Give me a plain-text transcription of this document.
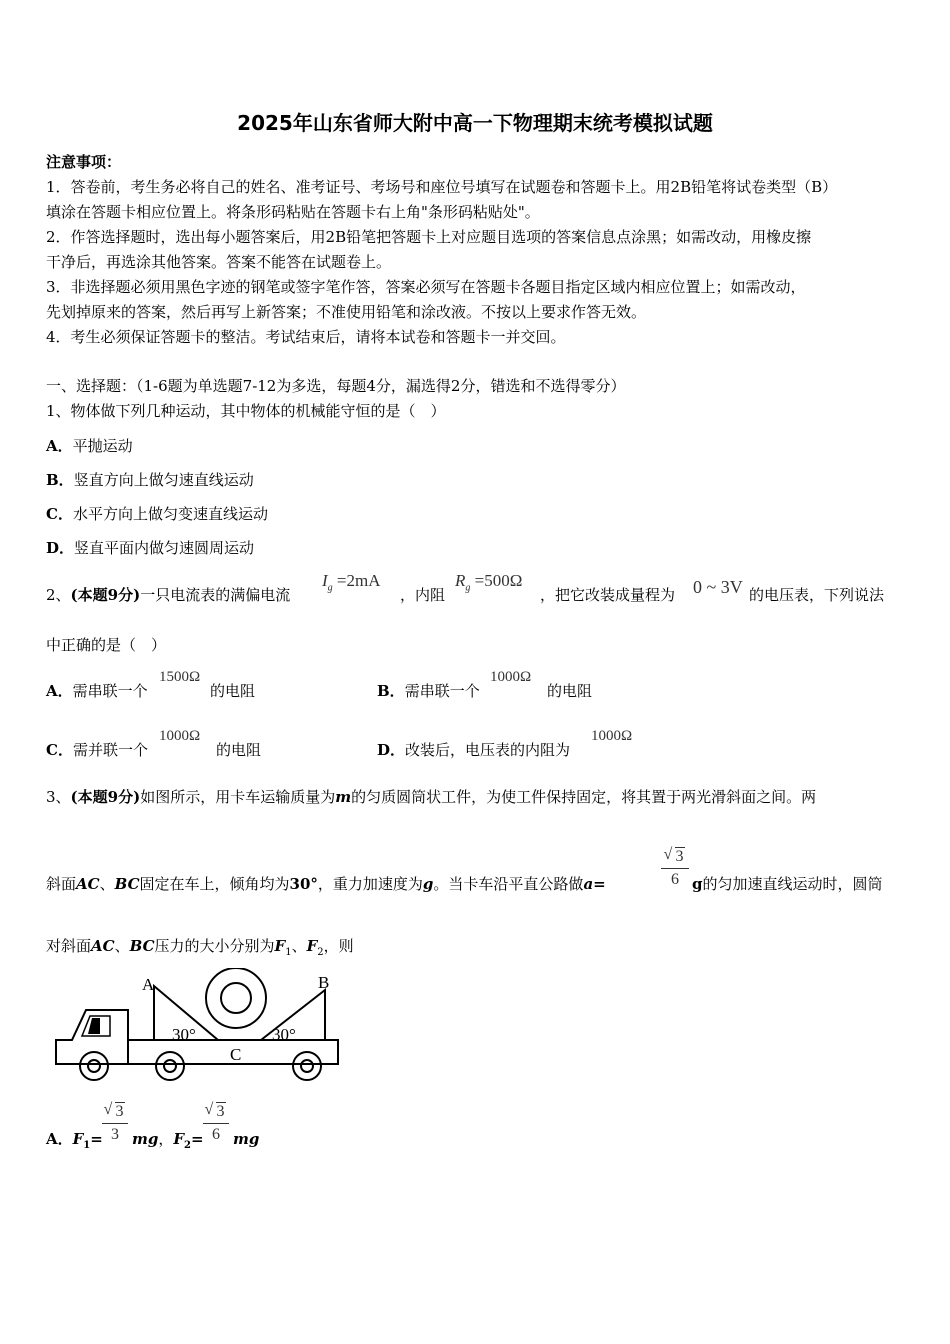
2025年山东省师大附中高一下物理期末统考模拟试题
注意事项：
1．答卷前，考生务必将自己的姓名、准考证号、考场号和座位号填写在试题卷和答题卡上。用2B铅笔将试卷类型（B）
填涂在答题卡相应位置上。将条形码粘贴在答题卡右上角"条形码粘贴处"。
2．作答选择题时，选出每小题答案后，用2B铅笔把答题卡上对应题目选项的答案信息点涂黑；如需改动，用橡皮擦
干净后，再选涂其他答案。答案不能答在试题卷上。
3．非选择题必须用黑色字迹的钢笔或签字笔作答，答案必须写在答题卡各题目指定区域内相应位置上；如需改动，
先划掉原来的答案，然后再写上新答案；不准使用铅笔和涂改液。不按以上要求作答无效。
4．考生必须保证答题卡的整洁。考试结束后，请将本试卷和答题卡一并交回。
一、选择题：（1-6题为单选题7-12为多选，每题4分，漏选得2分，错选和不选得零分）
1、物体做下列几种运动，其中物体的机械能守恒的是（　）
A．平抛运动
B．竖直方向上做匀速直线运动
C．水平方向上做匀变速直线运动
D．竖直平面内做匀速圆周运动
2、(本题9分)一只电流表的满偏电流
$I_g =2mA$
，内阻
$R_g =500\Omega$
，把它改装成量程为 0 ~ 3V 的电压表，下列说法
中正确的是（　）
A．需串联一个
1500Ω
的电阻	B．需串联一个
1000Ω
的电阻
C．需并联一个
1000Ω
的电阻	D．改装后，电压表的内阻为
1000Ω
3、(本题9分)如图所示，用卡车运输质量为m的匀质圆筒状工件，为使工件保持固定，将其置于两光滑斜面之间。两
斜面AC、BC固定在车上，倾角均为30°，重力加速度为g。当卡车沿平直公路做a=
√ 3
6 g的匀加速直线运动时，圆筒
对斜面AC、BC压力的大小分别为$F_1$、$F_2$，则
A	B
C
30°	30°
A．$F_1=$
√ 3
3 mg，$F_2=$
√ 3
6 mg
